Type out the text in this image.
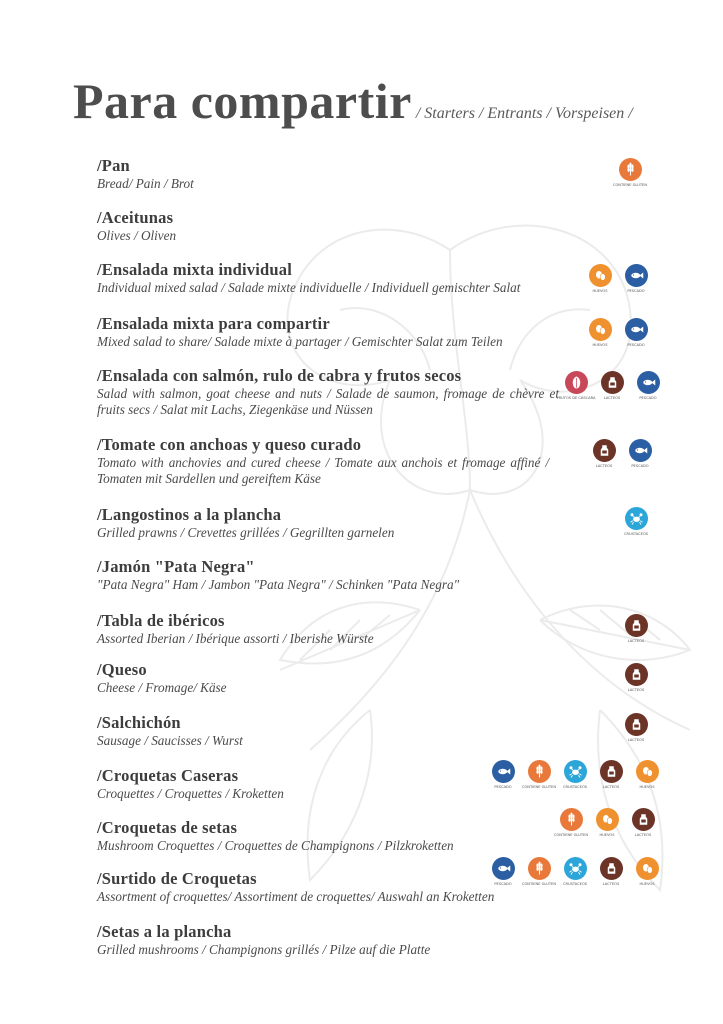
Para compartir / Starters / Entrants / Vorspeisen /
/Pan
Bread/ Pain / Brot
/Aceitunas
Olives / Oliven
/Ensalada mixta individual
Individual mixed salad / Salade mixte individuelle / Individuell gemischter Salat
/Ensalada mixta para compartir
Mixed salad to share/ Salade mixte à partager / Gemischter Salat zum Teilen
/Ensalada con salmón, rulo de cabra y frutos secos
Salad with salmon, goat cheese and nuts / Salade de saumon, fromage de chèvre et fruits secs / Salat mit Lachs, Ziegenkäse und Nüssen
/Tomate con anchoas y queso curado
Tomato with anchovies and cured cheese / Tomate aux anchois et fromage affiné / Tomaten mit Sardellen und gereiftem Käse
/Langostinos a la plancha
Grilled prawns / Crevettes grillées / Gegrillten garnelen
/Jamón "Pata Negra"
"Pata Negra" Ham / Jambon "Pata Negra" / Schinken "Pata Negra"
/Tabla de ibéricos
Assorted Iberian / Ibérique assorti / Iberishe Würste
/Queso
Cheese / Fromage/ Käse
/Salchichón
Sausage / Saucisses / Wurst
/Croquetas Caseras
Croquettes / Croquettes / Kroketten
/Croquetas de setas
Mushroom Croquettes / Croquettes de Champignons / Pilzkroketten
/Surtido de Croquetas
Assortment of croquettes/ Assortiment de croquettes/ Auswahl an Kroketten
/Setas a la plancha
Grilled mushrooms / Champignons grillés / Pilze auf die Platte
CONTIENE GLUTEN
HUEVOS	PESCADO
HUEVOS	PESCADO
FRUTOS DE CÁSCARA LACTEOS	PESCADO
LACTEOS	PESCADO
CRUSTACEOS
LACTEOS
LACTEOS
LACTEOS
PESCADO	CONTIENE GLUTEN CRUSTACEOS	LACTEOS	HUEVOS
CONTIENE GLUTEN	HUEVOS	LACTEOS
PESCADO	CONTIENE GLUTEN CRUSTACEOS	LACTEOS	HUEVOS
